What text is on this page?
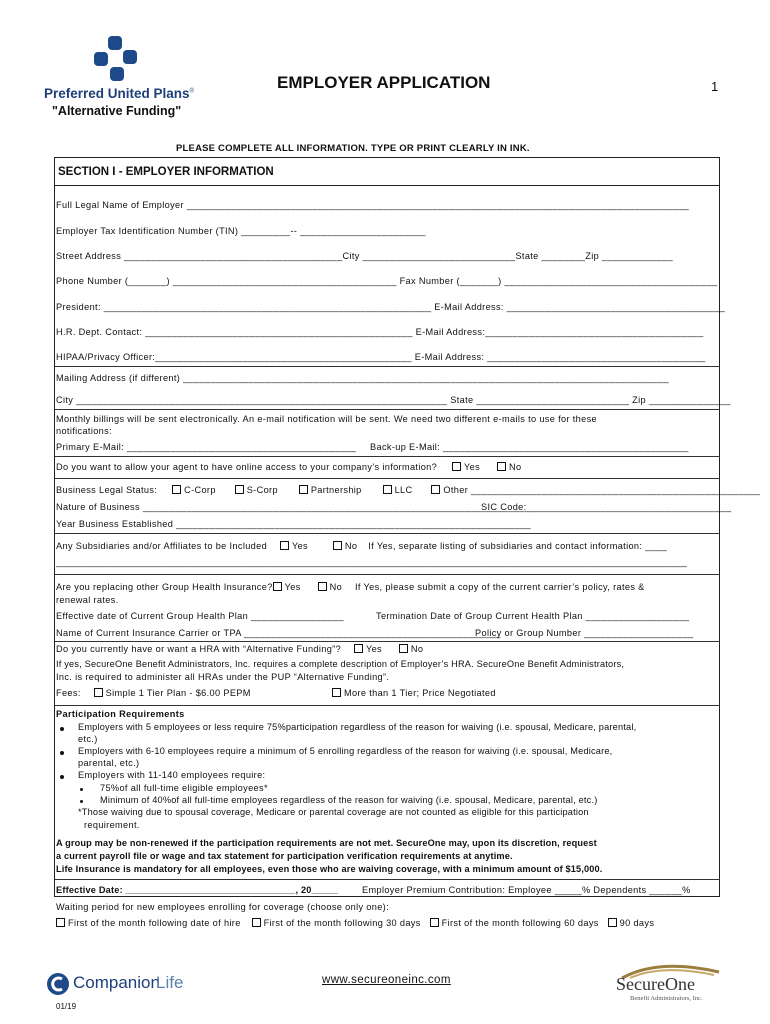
Preferred United Plans®
"Alternative Funding"
EMPLOYER APPLICATION	1
PLEASE COMPLETE ALL INFORMATION. TYPE OR PRINT CLEARLY IN INK.
SECTION I - EMPLOYER INFORMATION
Full Legal Name of Employer ____________________________________________________________________________________________
Employer Tax Identification Number (TIN) _________-- _______________________
Street Address ________________________________________City ____________________________State ________Zip _____________
Phone Number (_______) _________________________________________ Fax Number (_______) _______________________________________
President: ____________________________________________________________ E-Mail Address: ________________________________________
H.R. Dept. Contact: _________________________________________________ E-Mail Address:________________________________________
HIPAA/Privacy Officer:_______________________________________________ E-Mail Address: ________________________________________
Mailing Address (if different) _________________________________________________________________________________________
City ____________________________________________________________________ State ____________________________ Zip _______________
Monthly billings will be sent electronically. An e-mail notification will be sent. We need two different e-mails to use for these
notifications:
Primary E-Mail: __________________________________________ Back-up E-Mail: _____________________________________________
Do you want to allow your agent to have online access to your company’s information?	Yes	No
Business Legal Status:	C-Corp	S-Corp	Partnership	LLC	Other _____________________________________________________
Nature of Business _______________________________________________________________________
SIC Code: _____________________________________
Year Business Established _________________________________________________________________
Any Subsidiaries and/or Affiliates to be Included	Yes	No If Yes, separate listing of subsidiaries and contact information: ____
______________________________________________________________________________________________________________________________________
Are you replacing other Group Health Insurance? Yes	No If Yes, please submit a copy of the current carrier’s policy, rates &
renewal rates.
Effective date of Current Group Health Plan _________________	Termination Date of Group Current Health Plan ___________________
Name of Current Insurance Carrier or TPA _______________________________________________
Policy or Group Number ____________________
Do you currently have or want a HRA with “Alternative Funding”?	Yes	No
If yes, SecureOne Benefit Administrators, Inc. requires a complete description of Employer’s HRA. SecureOne Benefit Administrators,
Inc. is required to administer all HRAs under the PUP “Alternative Funding”.
Fees:	Simple 1 Tier Plan - $6.00 PEPM	More than 1 Tier; Price Negotiated
Participation Requirements
Employers with 5 employees or less require 75%participation regardless of the reason for waiving (i.e. spousal, Medicare, parental,
etc.)
Employers with 6-10 employees require a minimum of 5 enrolling regardless of the reason for waiving (i.e. spousal, Medicare,
parental, etc.)
Employers with 11-140 employees require:
75%of all full-time eligible employees*
Minimum of 40%of all full-time employees regardless of the reason for waiving (i.e. spousal, Medicare, parental, etc.)
*Those waiving due to spousal coverage, Medicare or parental coverage are not counted as eligible for this participation
requirement.
A group may be non-renewed if the participation requirements are not met. SecureOne may, upon its discretion, request
a current payroll file or wage and tax statement for participation verification requirements at anytime.
Life Insurance is mandatory for all employees, even those who are waiving coverage, with a minimum amount of $15,000.
Effective Date: ________________________________, 20_____	Employer Premium Contribution: Employee _____% Dependents ______%
Waiting period for new employees enrolling for coverage (choose only one):
First of the month following date of hire First of the month following 30 days First of the month following 60 days 90 days
Companion
Life	www.secureoneinc.com
01/19
SecureOne
Benefit Administrators, Inc.
